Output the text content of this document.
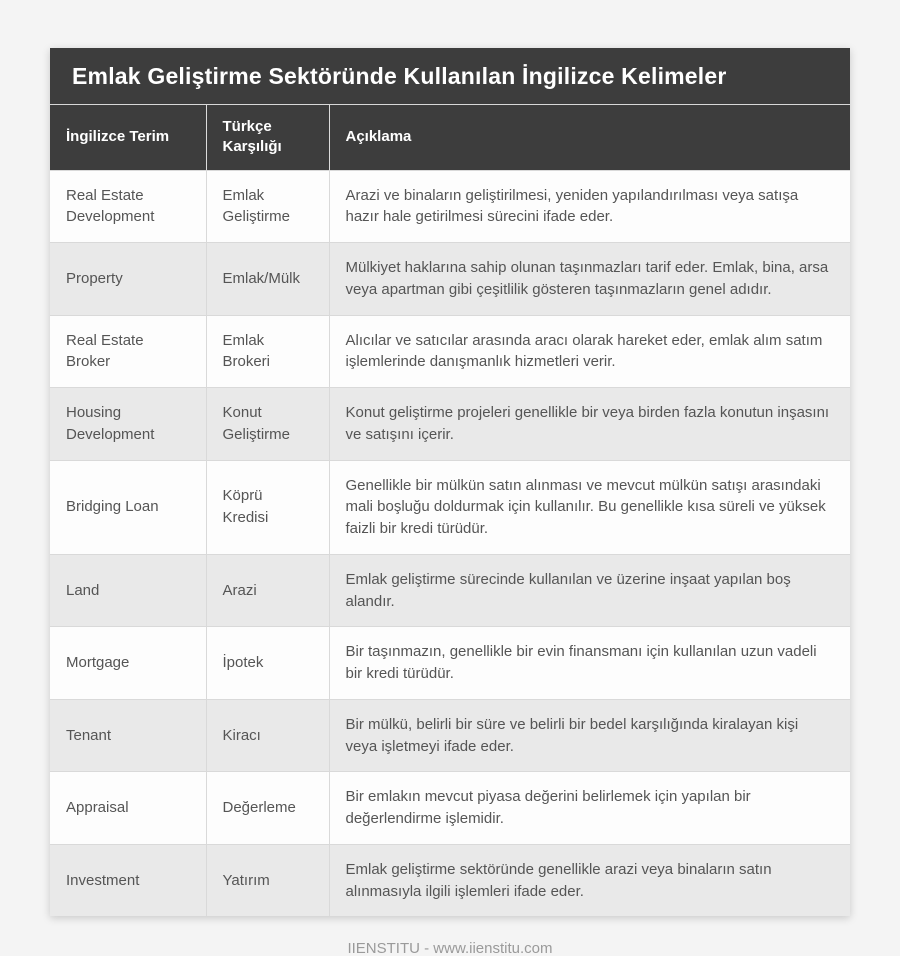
Emlak Geliştirme Sektöründe Kullanılan İngilizce Kelimeler
İngilizce Terim	Türkçe Karşılığı	Açıklama
Real Estate Development	Emlak Geliştirme	Arazi ve binaların geliştirilmesi, yeniden yapılandırılması veya satışa hazır hale getirilmesi sürecini ifade eder.
Property	Emlak/Mülk	Mülkiyet haklarına sahip olunan taşınmazları tarif eder. Emlak, bina, arsa veya apartman gibi çeşitlilik gösteren taşınmazların genel adıdır.
Real Estate Broker	Emlak Brokeri	Alıcılar ve satıcılar arasında aracı olarak hareket eder, emlak alım satım işlemlerinde danışmanlık hizmetleri verir.
Housing Development	Konut Geliştirme	Konut geliştirme projeleri genellikle bir veya birden fazla konutun inşasını ve satışını içerir.
Bridging Loan	Köprü Kredisi	Genellikle bir mülkün satın alınması ve mevcut mülkün satışı arasındaki mali boşluğu doldurmak için kullanılır. Bu genellikle kısa süreli ve yüksek faizli bir kredi türüdür.
Land	Arazi	Emlak geliştirme sürecinde kullanılan ve üzerine inşaat yapılan boş alandır.
Mortgage	İpotek	Bir taşınmazın, genellikle bir evin finansmanı için kullanılan uzun vadeli bir kredi türüdür.
Tenant	Kiracı	Bir mülkü, belirli bir süre ve belirli bir bedel karşılığında kiralayan kişi veya işletmeyi ifade eder.
Appraisal	Değerleme	Bir emlakın mevcut piyasa değerini belirlemek için yapılan bir değerlendirme işlemidir.
Investment	Yatırım	Emlak geliştirme sektöründe genellikle arazi veya binaların satın alınmasıyla ilgili işlemleri ifade eder.
IIENSTITU - www.iienstitu.com
